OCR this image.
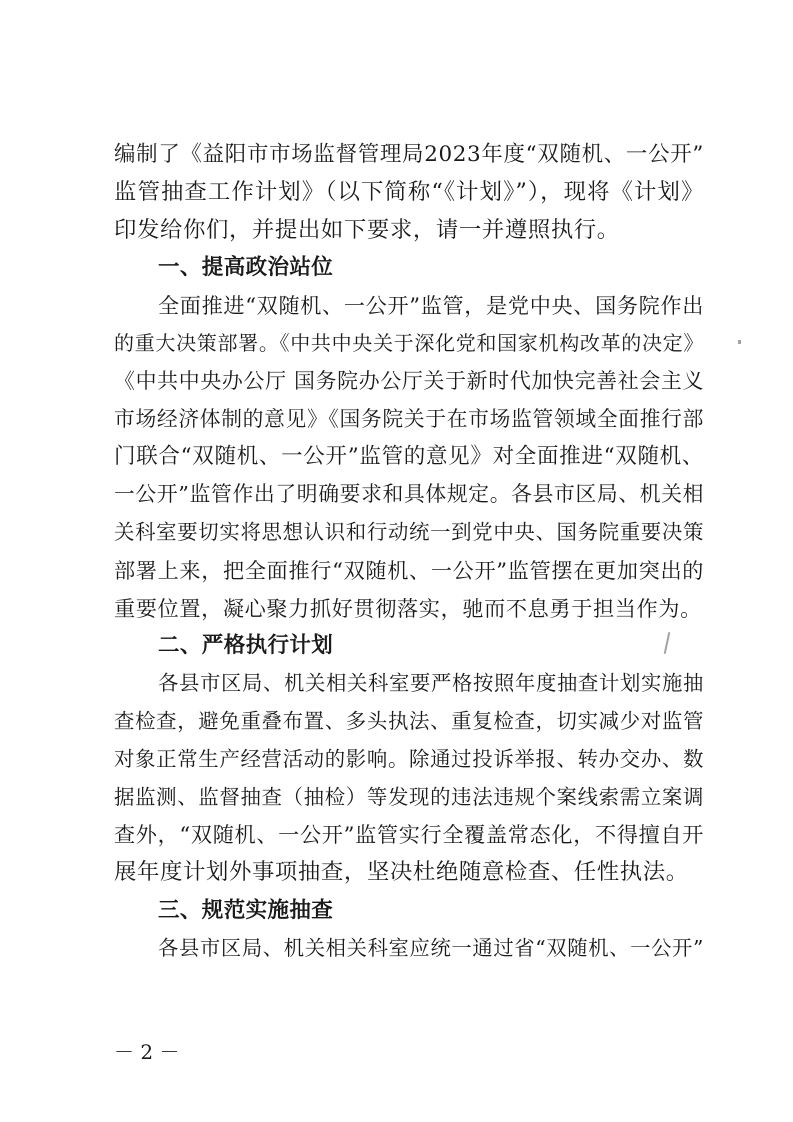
编制了《益阳市市场监督管理局2023年度“双随机、一公开”

监管抽查工作计划》（以下简称“《计划》”），现将《计划》

印发给你们，并提出如下要求，请一并遵照执行。

一、提高政治站位

全面推进“双随机、一公开”监管，是党中央、国务院作出

的重大决策部署。《中共中央关于深化党和国家机构改革的决定》

《中共中央办公厅 国务院办公厅关于新时代加快完善社会主义

市场经济体制的意见》《国务院关于在市场监管领域全面推行部

门联合“双随机、一公开”监管的意见》对全面推进“双随机、

一公开”监管作出了明确要求和具体规定。各县市区局、机关相

关科室要切实将思想认识和行动统一到党中央、国务院重要决策

部署上来，把全面推行“双随机、一公开”监管摆在更加突出的

重要位置，凝心聚力抓好贯彻落实，驰而不息勇于担当作为。

二、严格执行计划

各县市区局、机关相关科室要严格按照年度抽查计划实施抽

查检查，避免重叠布置、多头执法、重复检查，切实减少对监管

对象正常生产经营活动的影响。除通过投诉举报、转办交办、数

据监测、监督抽查（抽检）等发现的违法违规个案线索需立案调

查外，“双随机、一公开”监管实行全覆盖常态化，不得擅自开

展年度计划外事项抽查，坚决杜绝随意检查、任性执法。

三、规范实施抽查

各县市区局、机关相关科室应统一通过省“双随机、一公开”

－ 2 －
